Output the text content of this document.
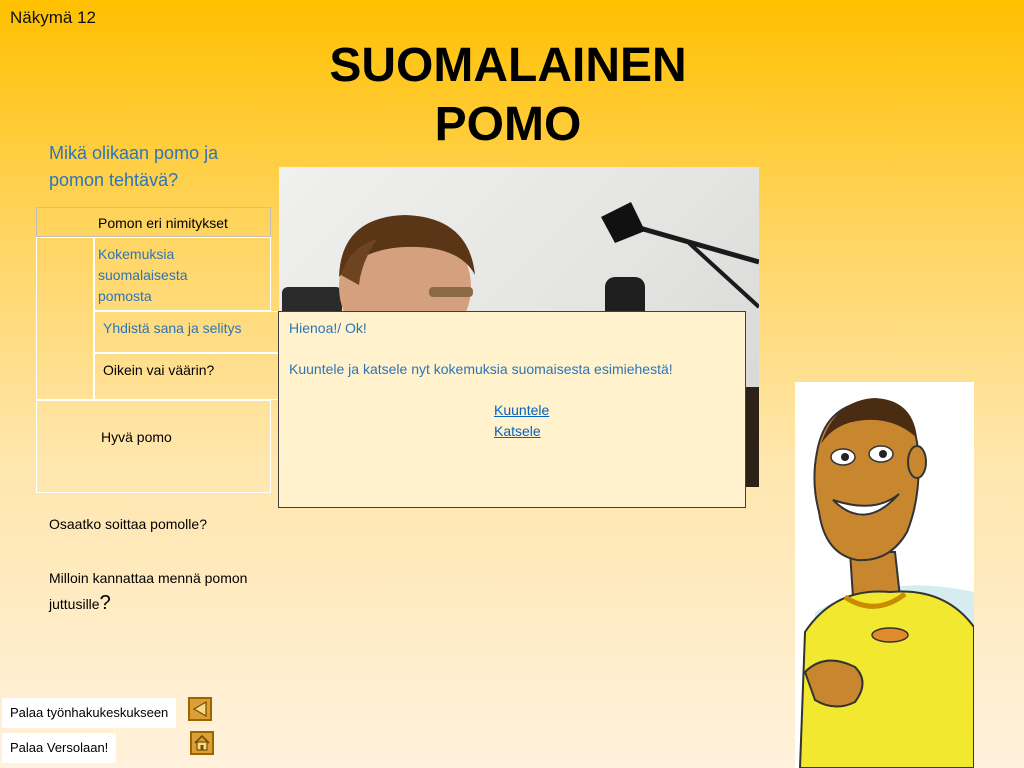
Näkymä 12
SUOMALAINEN
POMO
Mikä olikaan pomo ja pomon tehtävä?
Pomon eri nimitykset
Kokemuksia suomalaisesta pomosta
Yhdistä sana ja selitys
Oikein vai väärin?
Hyvä pomo
Hienoa!/ Ok!
Kuuntele ja katsele nyt kokemuksia suomaisesta esimiehestä!
Kuuntele
Katsele
Osaatko soittaa pomolle?
Milloin kannattaa mennä pomon juttusille?
Palaa työnhakukeskukseen
Palaa Versolaan!
